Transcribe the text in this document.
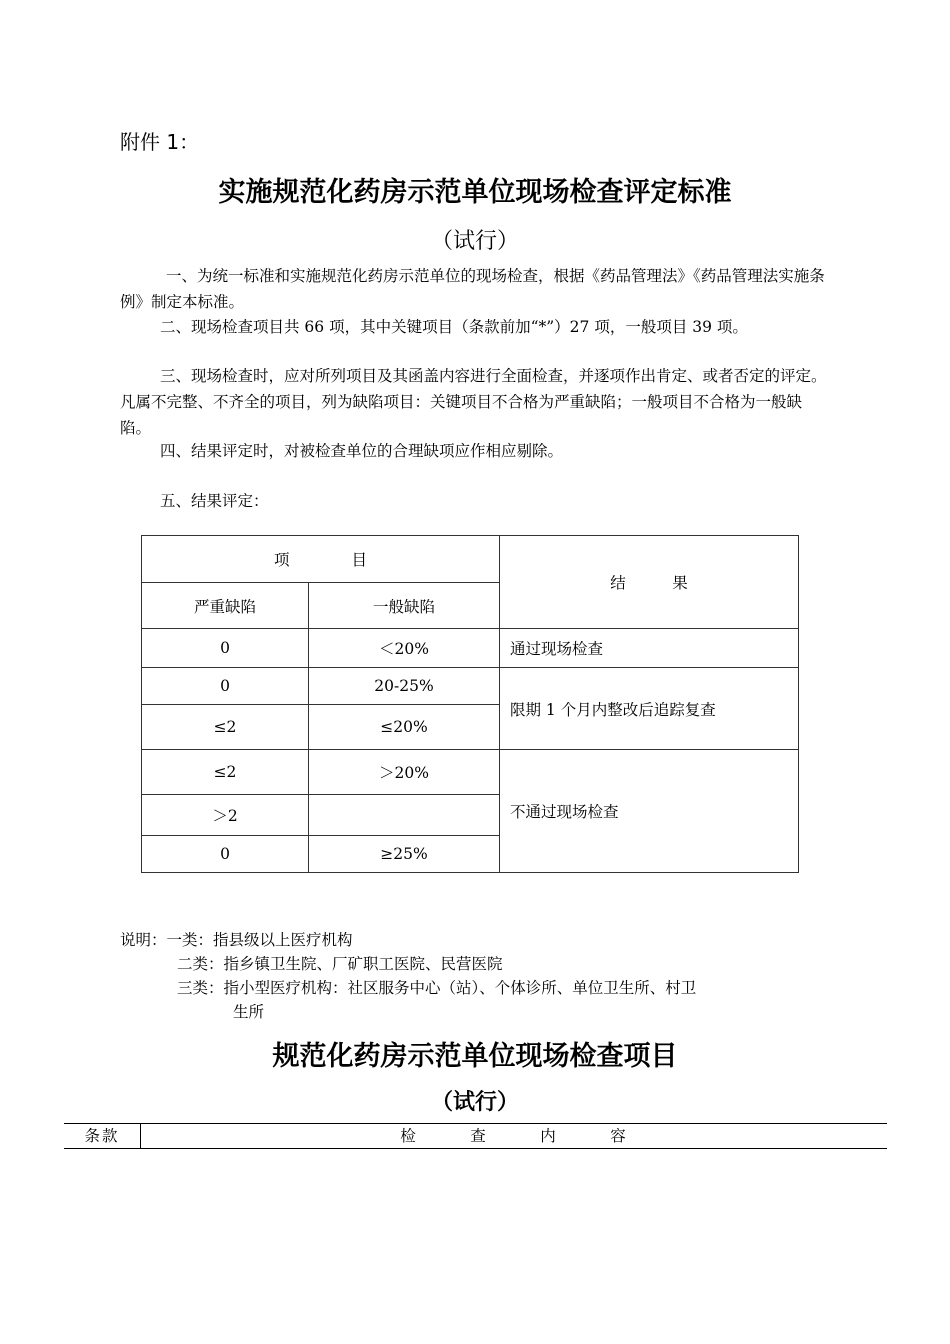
附件 1：
实施规范化药房示范单位现场检查评定标准
（试行）
一、为统一标准和实施规范化药房示范单位的现场检查，根据《药品管理法》《药品管理法实施条例》制定本标准。
二、现场检查项目共 66 项，其中关键项目（条款前加“*”）27 项，一般项目 39 项。
三、现场检查时，应对所列项目及其函盖内容进行全面检查，并逐项作出肯定、或者否定的评定。凡属不完整、不齐全的项目，列为缺陷项目：关键项目不合格为严重缺陷；一般项目不合格为一般缺陷。
四、结果评定时，对被检查单位的合理缺项应作相应剔除。
五、结果评定：
项　　　　目		结　　　果
严重缺陷	一般缺陷	
0	＜20%	通过现场检查
0	20-25%	限期 1 个月内整改后追踪复查
≤2	≤20%	
≤2	＞20%	不通过现场检查
＞2		
0	≥25%	
说明：一类：指县级以上医疗机构
二类：指乡镇卫生院、厂矿职工医院、民营医院
三类：指小型医疗机构：社区服务中心（站）、个体诊所、单位卫生所、村卫
生所
规范化药房示范单位现场检查项目
（试行）
条款	检　　　查　　　内　　　容
